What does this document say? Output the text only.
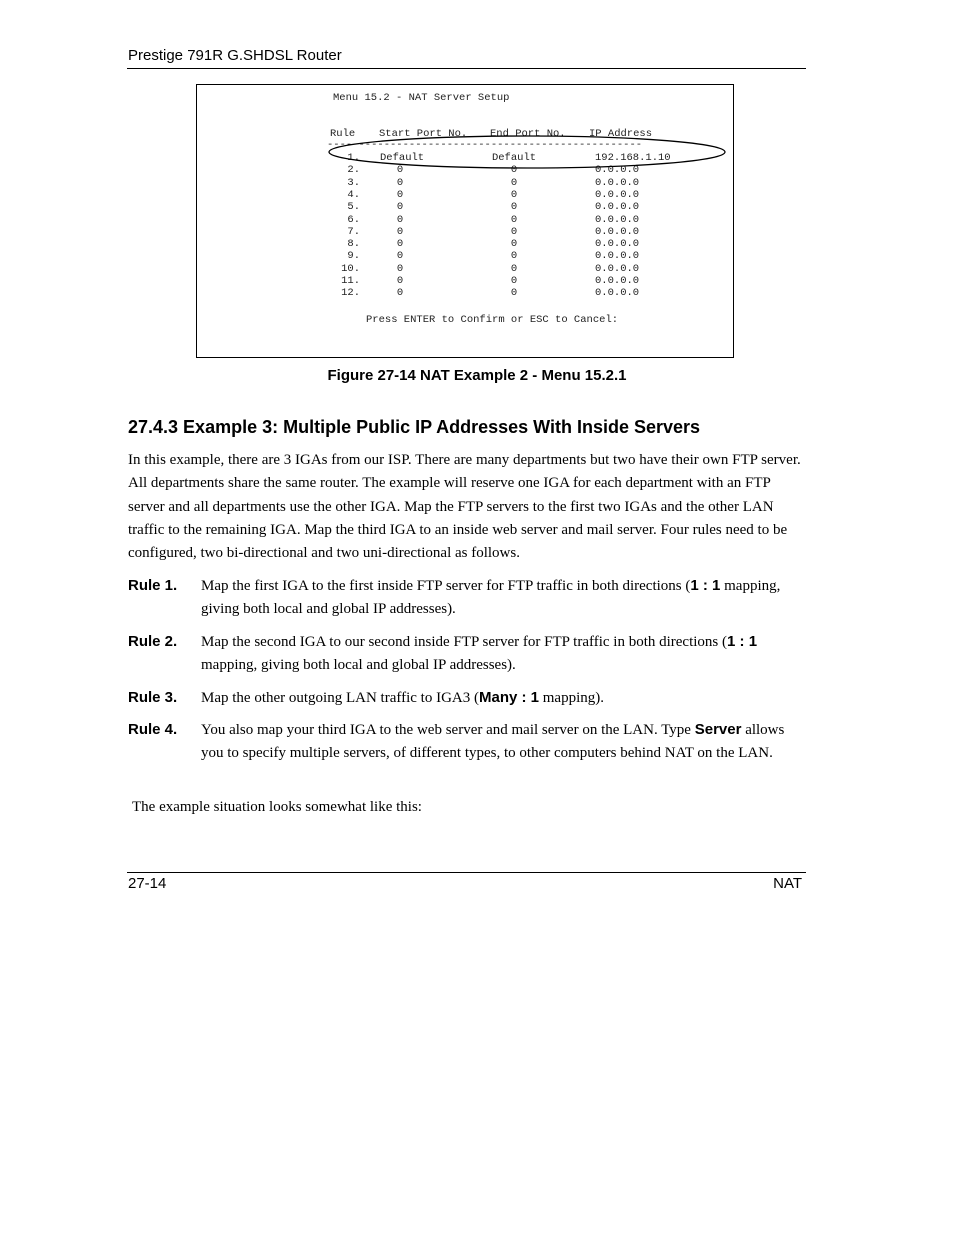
Prestige 791R G.SHDSL Router
Menu 15.2 - NAT Server Setup
Rule	Start Port No. End Port No. IP Address
--------------------------------------------------
1. Default	Default	192.168.1.10
2.	0	0	0.0.0.0
3.	0	0	0.0.0.0
4.	0	0	0.0.0.0
5.	0	0	0.0.0.0
6.	0	0	0.0.0.0
7.	0	0	0.0.0.0
8.	0	0	0.0.0.0
9.	0	0	0.0.0.0
10.	0	0	0.0.0.0
11.	0	0	0.0.0.0
12.	0	0	0.0.0.0
Press ENTER to Confirm or ESC to Cancel:
Figure 27-14 NAT Example 2 - Menu 15.2.1
27.4.3 Example 3: Multiple Public IP Addresses With Inside Servers
In this example, there are 3 IGAs from our ISP. There are many departments but two have their own FTP server. All departments share the same router. The example will reserve one IGA for each department with an FTP server and all departments use the other IGA. Map the FTP servers to the first two IGAs and the other LAN traffic to the remaining IGA. Map the third IGA to an inside web server and mail server. Four rules need to be configured, two bi-directional and two uni-directional as follows.
Rule 1. Map the first IGA to the first inside FTP server for FTP traffic in both directions (1 : 1 mapping, giving both local and global IP addresses).
Rule 2. Map the second IGA to our second inside FTP server for FTP traffic in both directions (1 : 1 mapping, giving both local and global IP addresses).
Rule 3. Map the other outgoing LAN traffic to IGA3 (Many : 1 mapping).
Rule 4. You also map your third IGA to the web server and mail server on the LAN. Type Server allows you to specify multiple servers, of different types, to other computers behind NAT on the LAN.
The example situation looks somewhat like this:
27-14	NAT
